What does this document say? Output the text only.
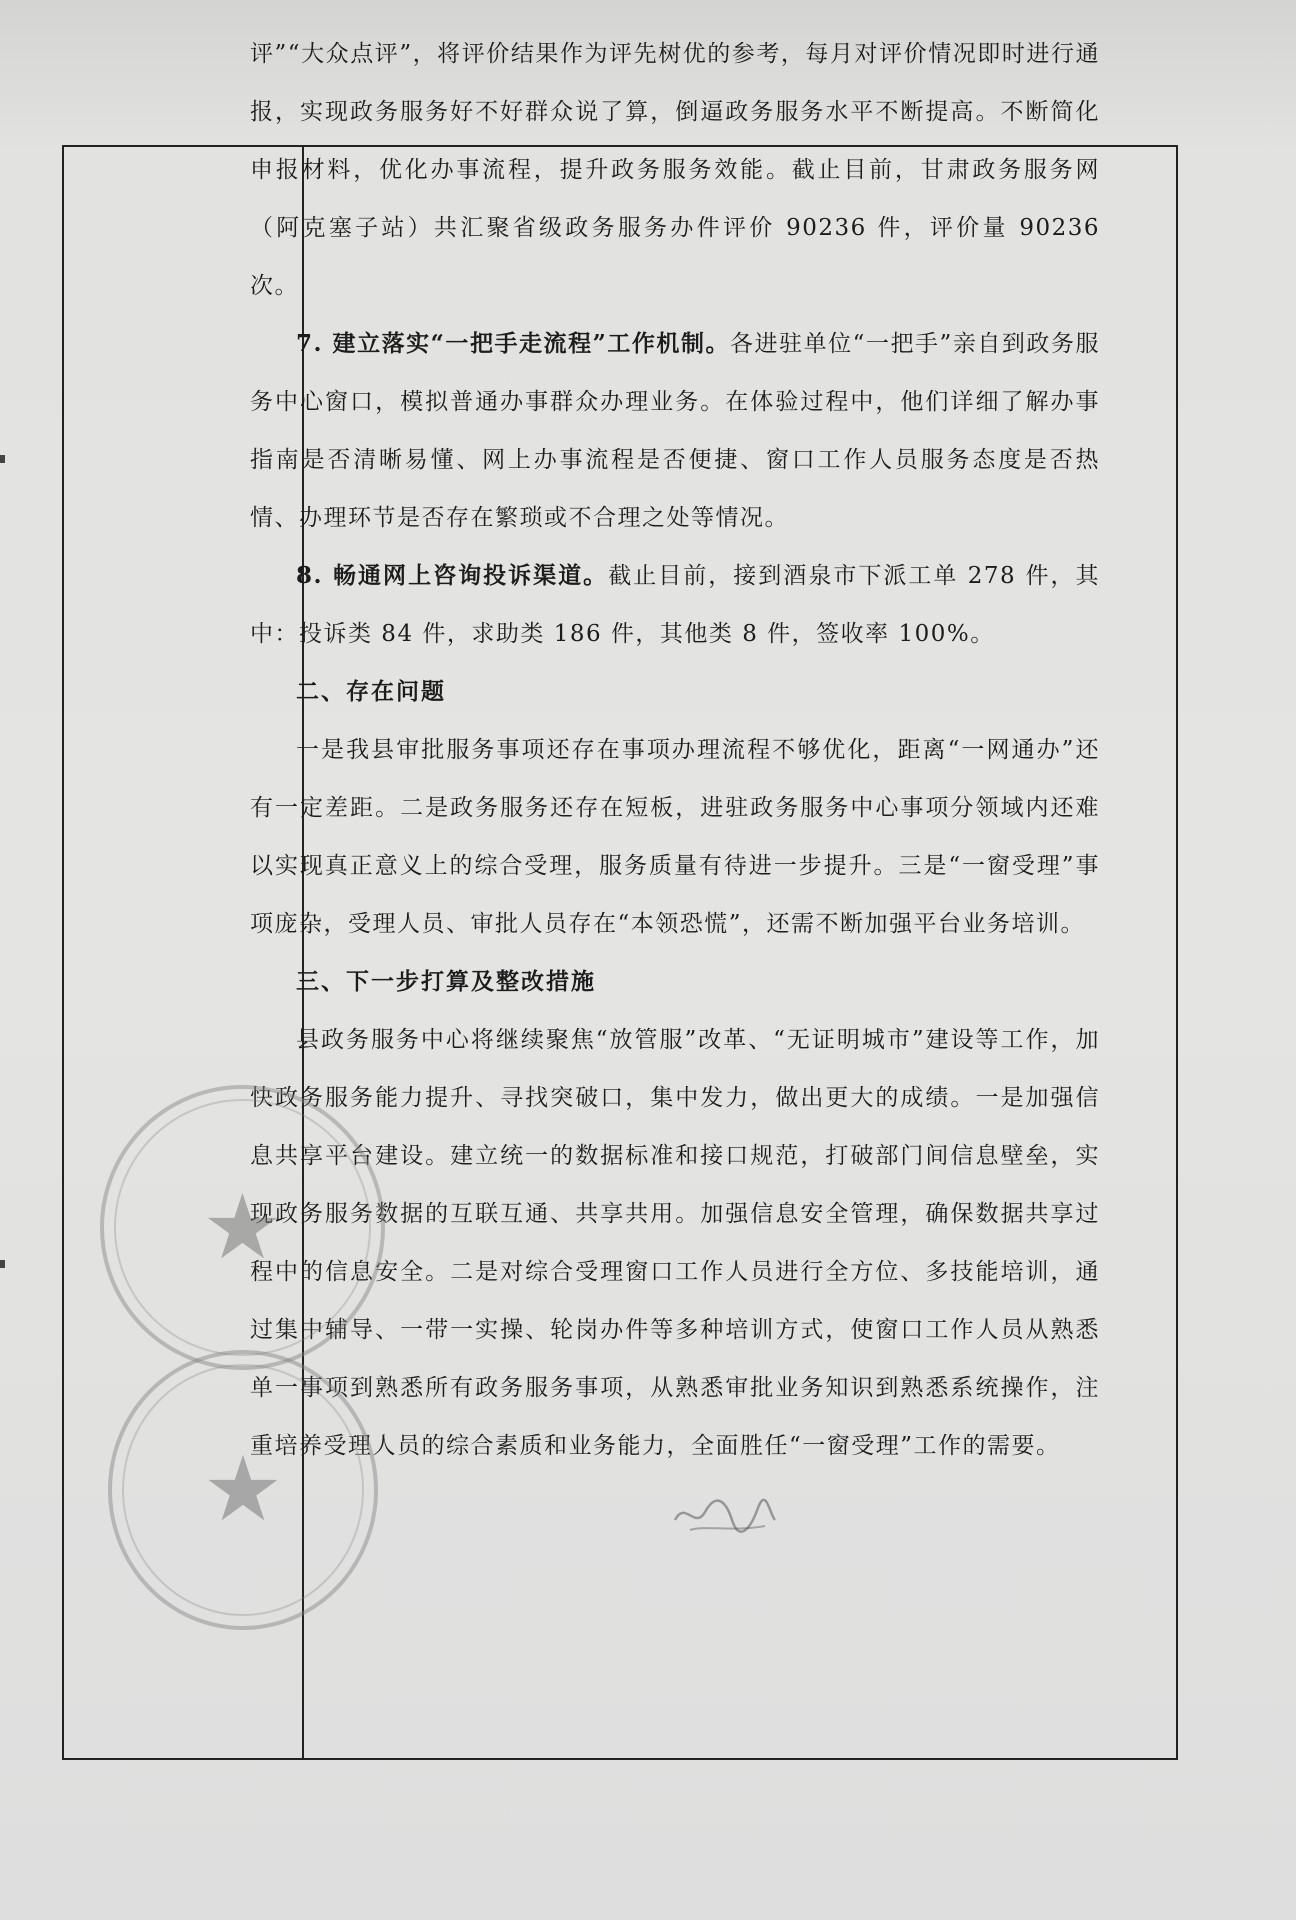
评”“大众点评”，将评价结果作为评先树优的参考，每月对评价情况即时进行通报，实现政务服务好不好群众说了算，倒逼政务服务水平不断提高。不断简化申报材料，优化办事流程，提升政务服务效能。截止目前，甘肃政务服务网（阿克塞子站）共汇聚省级政务服务办件评价 90236 件，评价量 90236 次。

7. 建立落实“一把手走流程”工作机制。各进驻单位“一把手”亲自到政务服务中心窗口，模拟普通办事群众办理业务。在体验过程中，他们详细了解办事指南是否清晰易懂、网上办事流程是否便捷、窗口工作人员服务态度是否热情、办理环节是否存在繁琐或不合理之处等情况。

8. 畅通网上咨询投诉渠道。截止目前，接到酒泉市下派工单 278 件，其中：投诉类 84 件，求助类 186 件，其他类 8 件，签收率 100%。

二、存在问题

一是我县审批服务事项还存在事项办理流程不够优化，距离“一网通办”还有一定差距。二是政务服务还存在短板，进驻政务服务中心事项分领域内还难以实现真正意义上的综合受理，服务质量有待进一步提升。三是“一窗受理”事项庞杂，受理人员、审批人员存在“本领恐慌”，还需不断加强平台业务培训。

三、下一步打算及整改措施

县政务服务中心将继续聚焦“放管服”改革、“无证明城市”建设等工作，加快政务服务能力提升、寻找突破口，集中发力，做出更大的成绩。一是加强信息共享平台建设。建立统一的数据标准和接口规范，打破部门间信息壁垒，实现政务服务数据的互联互通、共享共用。加强信息安全管理，确保数据共享过程中的信息安全。二是对综合受理窗口工作人员进行全方位、多技能培训，通过集中辅导、一带一实操、轮岗办件等多种培训方式，使窗口工作人员从熟悉单一事项到熟悉所有政务服务事项，从熟悉审批业务知识到熟悉系统操作，注重培养受理人员的综合素质和业务能力，全面胜任“一窗受理”工作的需要。

★
★
